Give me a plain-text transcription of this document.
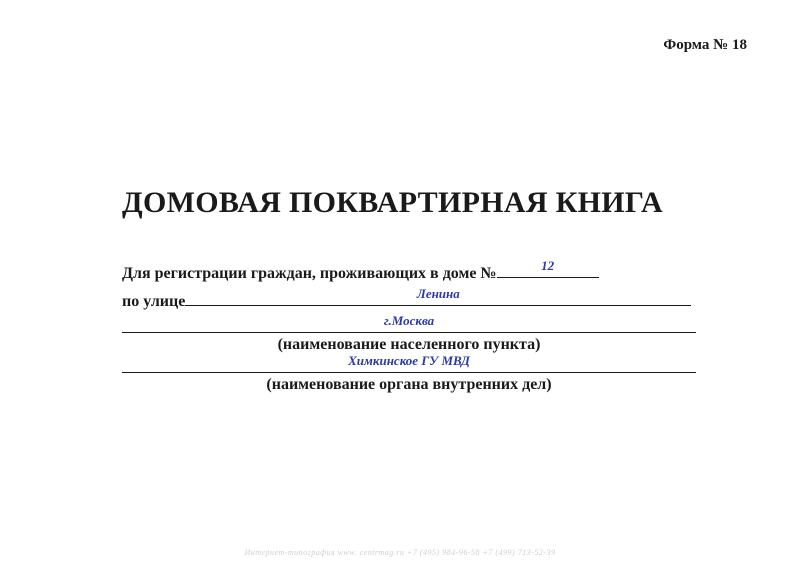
Форма № 18
ДОМОВАЯ ПОКВАРТИРНАЯ КНИГА
Для регистрации граждан, проживающих в доме №	12
по улице	Ленина
г.Москва
(наименование населенного пункта)
Химкинское ГУ МВД
(наименование органа внутренних дел)
Интернет-типография www. centrmag.ru +7 (495) 984-96-58 +7 (499) 713-52-39
